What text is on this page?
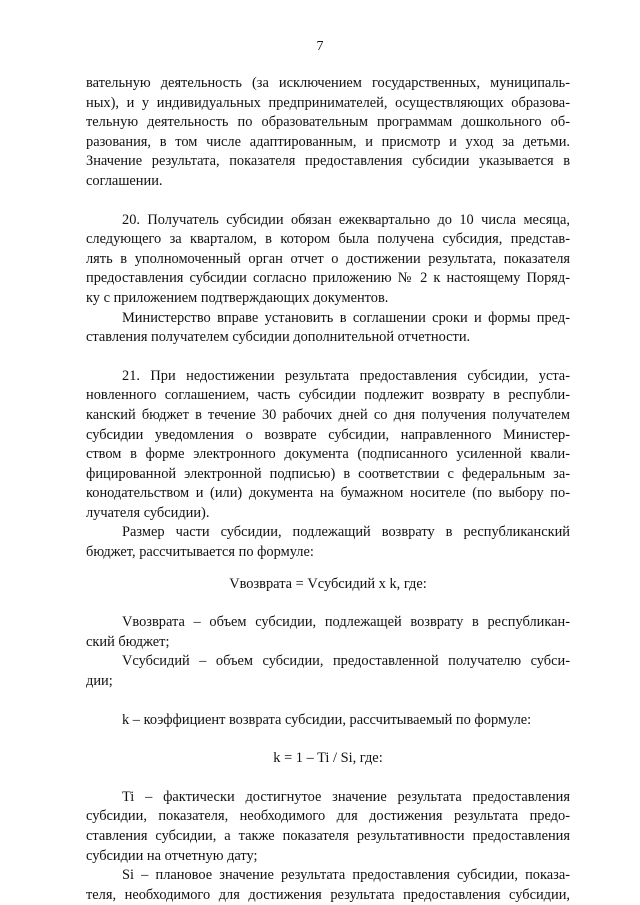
7
вательную деятельность (за исключением государственных, муниципаль-
ных), и у индивидуальных предпринимателей, осуществляющих образова-
тельную деятельность по образовательным программам дошкольного об-
разования, в том числе адаптированным, и присмотр и уход за детьми.
Значение результата, показателя предоставления субсидии указывается в
соглашении.
20. Получатель субсидии обязан ежеквартально до 10 числа месяца,
следующего за кварталом, в котором была получена субсидия, представ-
лять в уполномоченный орган отчет о достижении результата, показателя
предоставления субсидии согласно приложению № 2 к настоящему Поряд-
ку с приложением подтверждающих документов.
Министерство вправе установить в соглашении сроки и формы пред-
ставления получателем субсидии дополнительной отчетности.
21. При недостижении результата предоставления субсидии, уста-
новленного соглашением, часть субсидии подлежит возврату в республи-
канский бюджет в течение 30 рабочих дней со дня получения получателем
субсидии уведомления о возврате субсидии, направленного Министер-
ством в форме электронного документа (подписанного усиленной квали-
фицированной электронной подписью) в соответствии с федеральным за-
конодательством и (или) документа на бумажном носителе (по выбору по-
лучателя субсидии).
Размер части субсидии, подлежащий возврату в республиканский
бюджет, рассчитывается по формуле:

Vвозврата = Vсубсидий x k, где:

Vвозврата – объем субсидии, подлежащей возврату в республикан-
ский бюджет;
Vсубсидий – объем субсидии, предоставленной получателю субси-
дии;
k – коэффициент возврата субсидии, рассчитываемый по формуле:

k = 1 – Ti / Si, где:

Ti – фактически достигнутое значение результата предоставления
субсидии, показателя, необходимого для достижения результата предо-
ставления субсидии, а также показателя результативности предоставления
субсидии на отчетную дату;
Si – плановое значение результата предоставления субсидии, показа-
теля, необходимого для достижения результата предоставления субсидии,
